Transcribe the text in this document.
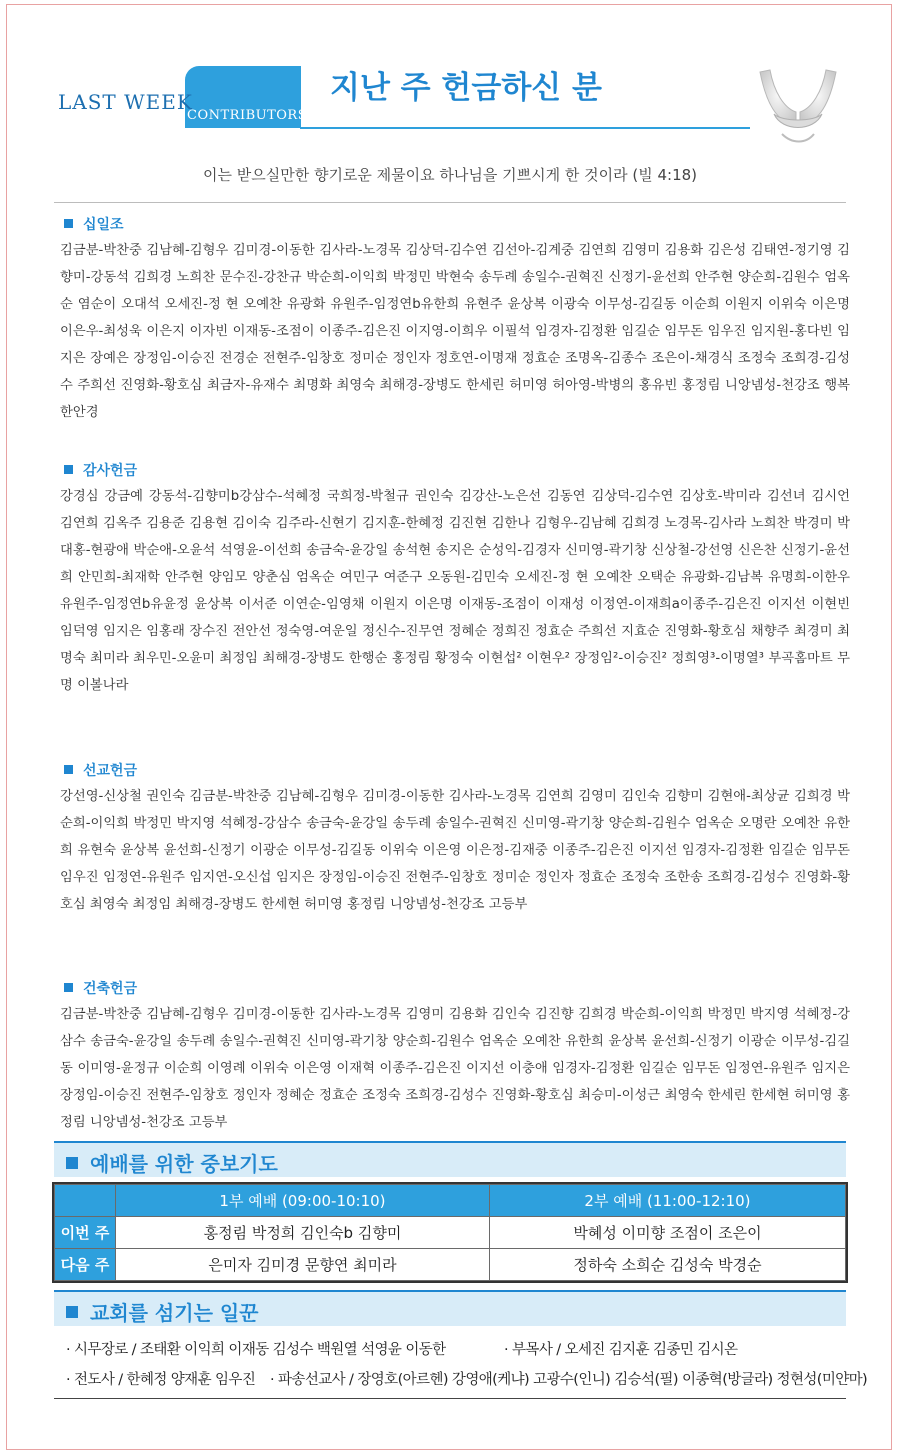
LAST WEEK
CONTRIBUTORS
지난 주 헌금하신 분
이는 받으실만한 향기로운 제물이요 하나님을 기쁘시게 한 것이라 (빌 4:18)
십일조
김금분-박찬중 김남혜-김형우 김미경-이동한 김사라-노경목 김상덕-김수연 김선아-김계중 김연희 김영미 김용화 김은성 김태연-정기영 김향미-강동석 김희경 노희찬 문수진-강찬규 박순희-이익희 박정민 박현숙 송두례 송일수-권혁진 신정기-윤선희 안주현 양순희-김원수 엄옥순 염순이 오대석 오세진-정 현 오예찬 유광화 유원주-임정연b유한희 유현주 윤상복 이광숙 이무성-김길동 이순희 이원지 이위숙 이은명 이은우-최성욱 이은지 이자빈 이재동-조점이 이종주-김은진 이지영-이희우 이필석 임경자-김정환 임길순 임무돈 임우진 임지원-홍다빈 임지은 장예은 장정임-이승진 전경순 전현주-임창호 정미순 정인자 정호연-이명재 정효순 조명옥-김종수 조은이-채경식 조정숙 조희경-김성수 주희선 진영화-황호심 최금자-유재수 최명화 최영숙 최해경-장병도 한세린 허미영 허아영-박병의 홍유빈 홍정림 니앙넴성-천강조 행복한안경
감사헌금
강경심 강금예 강동석-김향미b강삼수-석혜정 국희정-박철규 권인숙 김강산-노은선 김동연 김상덕-김수연 김상호-박미라 김선녀 김시언 김연희 김옥주 김용준 김용현 김이숙 김주라-신현기 김지훈-한혜정 김진현 김한나 김형우-김남혜 김희경 노경목-김사라 노희찬 박경미 박대홍-현광애 박순애-오윤석 석영윤-이선희 송금숙-윤강일 송석현 송지은 순성익-김경자 신미영-곽기창 신상철-강선영 신은찬 신정기-윤선희 안민희-최재학 안주현 양임모 양춘심 엄옥순 여민구 여준구 오동원-김민숙 오세진-정 현 오예찬 오택순 유광화-김남복 유명희-이한우 유원주-임정연b유윤정 윤상복 이서준 이연순-임영채 이원지 이은명 이재동-조점이 이재성 이정연-이재희a이종주-김은진 이지선 이현빈 임덕영 임지은 임홍래 장수진 전안선 정숙영-여운일 정신수-진무연 정혜순 정희진 정효순 주희선 지효순 진영화-황호심 채향주 최경미 최명숙 최미라 최우민-오윤미 최정임 최해경-장병도 한행순 홍정림 황정숙 이현섭² 이현우² 장정임²-이승진² 정희영³-이명열³ 부곡홈마트 무명 이볼나라
선교헌금
강선영-신상철 권인숙 김금분-박찬중 김남혜-김형우 김미경-이동한 김사라-노경목 김연희 김영미 김인숙 김향미 김현애-최상균 김희경 박순희-이익희 박정민 박지영 석혜정-강삼수 송금숙-윤강일 송두례 송일수-권혁진 신미영-곽기창 양순희-김원수 엄옥순 오명란 오예찬 유한희 유현숙 윤상복 윤선희-신정기 이광순 이무성-김길동 이위숙 이은영 이은정-김재중 이종주-김은진 이지선 임경자-김정환 임길순 임무돈 임우진 임정연-유원주 임지연-오신섭 임지은 장정임-이승진 전현주-임창호 정미순 정인자 정효순 조정숙 조한송 조희경-김성수 진영화-황호심 최영숙 최정임 최해경-장병도 한세현 허미영 홍정림 니앙넴성-천강조 고등부
건축헌금
김금분-박찬중 김남혜-김형우 김미경-이동한 김사라-노경목 김영미 김용화 김인숙 김진향 김희경 박순희-이익희 박정민 박지영 석혜정-강삼수 송금숙-윤강일 송두례 송일수-권혁진 신미영-곽기창 양순희-김원수 엄옥순 오예찬 유한희 윤상복 윤선희-신정기 이광순 이무성-김길동 이미영-윤정규 이순희 이영례 이위숙 이은영 이재혁 이종주-김은진 이지선 이충애 임경자-김정환 임길순 임무돈 임정연-유원주 임지은 장정임-이승진 전현주-임창호 정인자 정혜순 정효순 조정숙 조희경-김성수 진영화-황호심 최승미-이성근 최영숙 한세린 한세현 허미영 홍정림 니앙넴성-천강조 고등부
예배를 위한 중보기도
	1부 예배 (09:00-10:10)	2부 예배 (11:00-12:10)
이번 주	홍정림 박정희 김인숙b 김향미	박혜성 이미향 조점이 조은이
다음 주	은미자 김미경 문향연 최미라	정하숙 소희순 김성숙 박경순
교회를 섬기는 일꾼
· 시무장로 / 조태환 이익희 이재동 김성수 백원열 석영윤 이동한	· 부목사 / 오세진 김지훈 김종민 김시온
· 전도사 / 한혜정 양재훈 임우진 · 파송선교사 / 장영호(아르헨) 강영애(케냐) 고광수(인니) 김승석(필) 이종혁(방글라) 정현성(미얀마)
